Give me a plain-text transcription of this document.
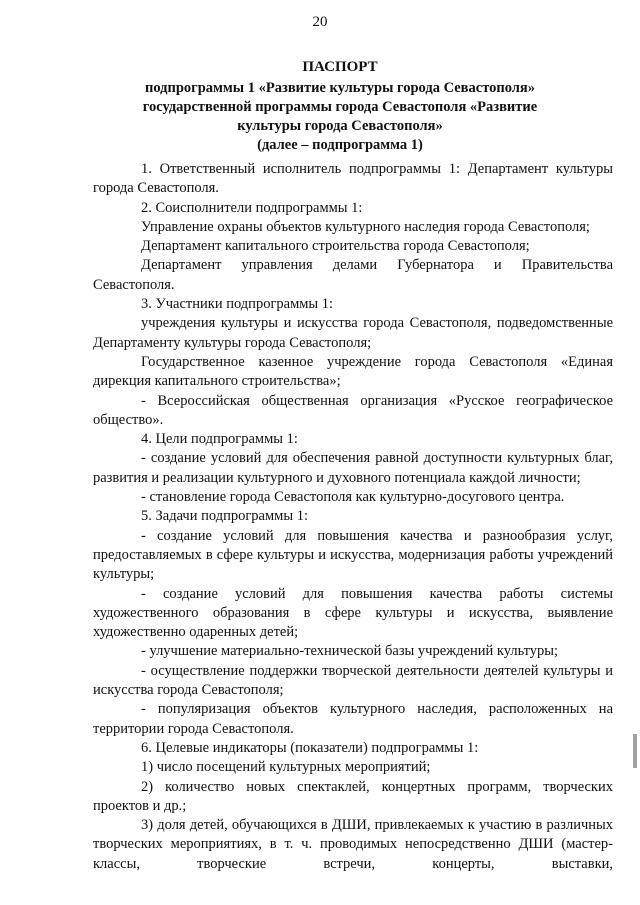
20
ПАСПОРТ
подпрограммы 1 «Развитие культуры города Севастополя»
государственной программы города Севастополя «Развитие
культуры города Севастополя»
(далее – подпрограмма 1)

1. Ответственный исполнитель подпрограммы 1: Департамент культуры города Севастополя.

2. Соисполнители подпрограммы 1:

Управление охраны объектов культурного наследия города Севастополя;

Департамент капитального строительства города Севастополя;

Департамент управления делами Губернатора и Правительства Севастополя.

3. Участники подпрограммы 1:

учреждения культуры и искусства города Севастополя, подведомственные Департаменту культуры города Севастополя;

Государственное казенное учреждение города Севастополя «Единая дирекция капитального строительства»;

- Всероссийская общественная организация «Русское географическое общество».

4. Цели подпрограммы 1:

- создание условий для обеспечения равной доступности культурных благ, развития и реализации культурного и духовного потенциала каждой личности;

- становление города Севастополя как культурно-досугового центра.

5. Задачи подпрограммы 1:

- создание условий для повышения качества и разнообразия услуг, предоставляемых в сфере культуры и искусства, модернизация работы учреждений культуры;

- создание условий для повышения качества работы системы художественного образования в сфере культуры и искусства, выявление художественно одаренных детей;

- улучшение материально-технической базы учреждений культуры;

- осуществление поддержки творческой деятельности деятелей культуры и искусства города Севастополя;

- популяризация объектов культурного наследия, расположенных на территории города Севастополя.

6. Целевые индикаторы (показатели) подпрограммы 1:

1) число посещений культурных мероприятий;

2) количество новых спектаклей, концертных программ, творческих проектов и др.;

3) доля детей, обучающихся в ДШИ, привлекаемых к участию в различных творческих мероприятиях, в т. ч. проводимых непосредственно ДШИ (мастер-классы, творческие встречи, концерты, выставки,
